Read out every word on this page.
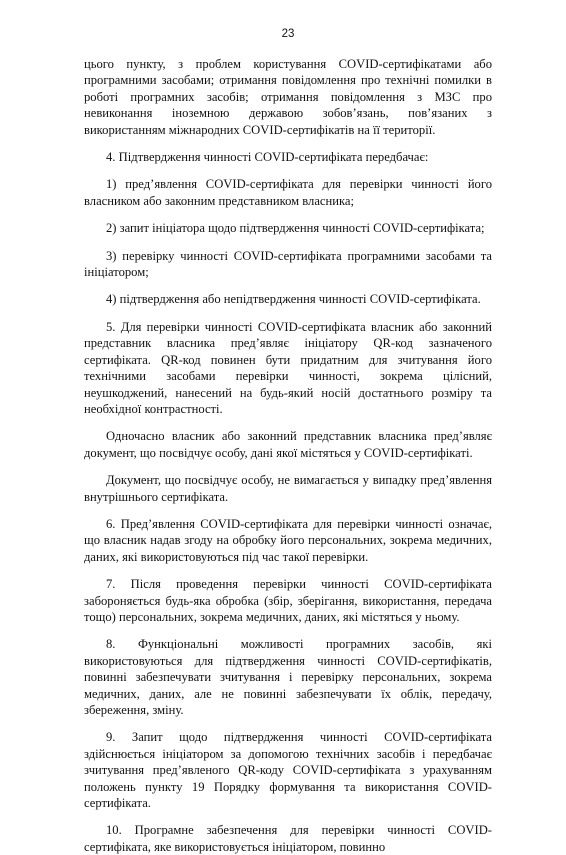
23

цього пункту, з проблем користування COVID-сертифікатами або програмними засобами; отримання повідомлення про технічні помилки в роботі програмних засобів; отримання повідомлення з МЗС про невиконання іноземною державою зобов’язань, пов’язаних з використанням міжнародних COVID-сертифікатів на її території.

4. Підтвердження чинності COVID-сертифіката передбачає:

1) пред’явлення COVID-сертифіката для перевірки чинності його власником або законним представником власника;

2) запит ініціатора щодо підтвердження чинності COVID-сертифіката;

3) перевірку чинності COVID-сертифіката програмними засобами та ініціатором;

4) підтвердження або непідтвердження чинності COVID-сертифіката.

5. Для перевірки чинності COVID-сертифіката власник або законний представник власника пред’являє ініціатору QR-код зазначеного сертифіката. QR-код повинен бути придатним для зчитування його технічними засобами перевірки чинності, зокрема цілісний, неушкоджений, нанесений на будь-який носій достатнього розміру та необхідної контрастності.

Одночасно власник або законний представник власника пред’являє документ, що посвідчує особу, дані якої містяться у COVID-сертифікаті.

Документ, що посвідчує особу, не вимагається у випадку пред’явлення внутрішнього сертифіката.

6. Пред’явлення COVID-сертифіката для перевірки чинності означає, що власник надав згоду на обробку його персональних, зокрема медичних, даних, які використовуються під час такої перевірки.

7. Після проведення перевірки чинності COVID-сертифіката забороняється будь-яка обробка (збір, зберігання, використання, передача тощо) персональних, зокрема медичних, даних, які містяться у ньому.

8. Функціональні можливості програмних засобів, які використовуються для підтвердження чинності COVID-сертифікатів, повинні забезпечувати зчитування і перевірку персональних, зокрема медичних, даних, але не повинні забезпечувати їх облік, передачу, збереження, зміну.

9. Запит щодо підтвердження чинності COVID-сертифіката здійснюється ініціатором за допомогою технічних засобів і передбачає зчитування пред’явленого QR-коду COVID-сертифіката з урахуванням положень пункту 19 Порядку формування та використання COVID-сертифіката.

10. Програмне забезпечення для перевірки чинності COVID-сертифіката, яке використовується ініціатором, повинно
